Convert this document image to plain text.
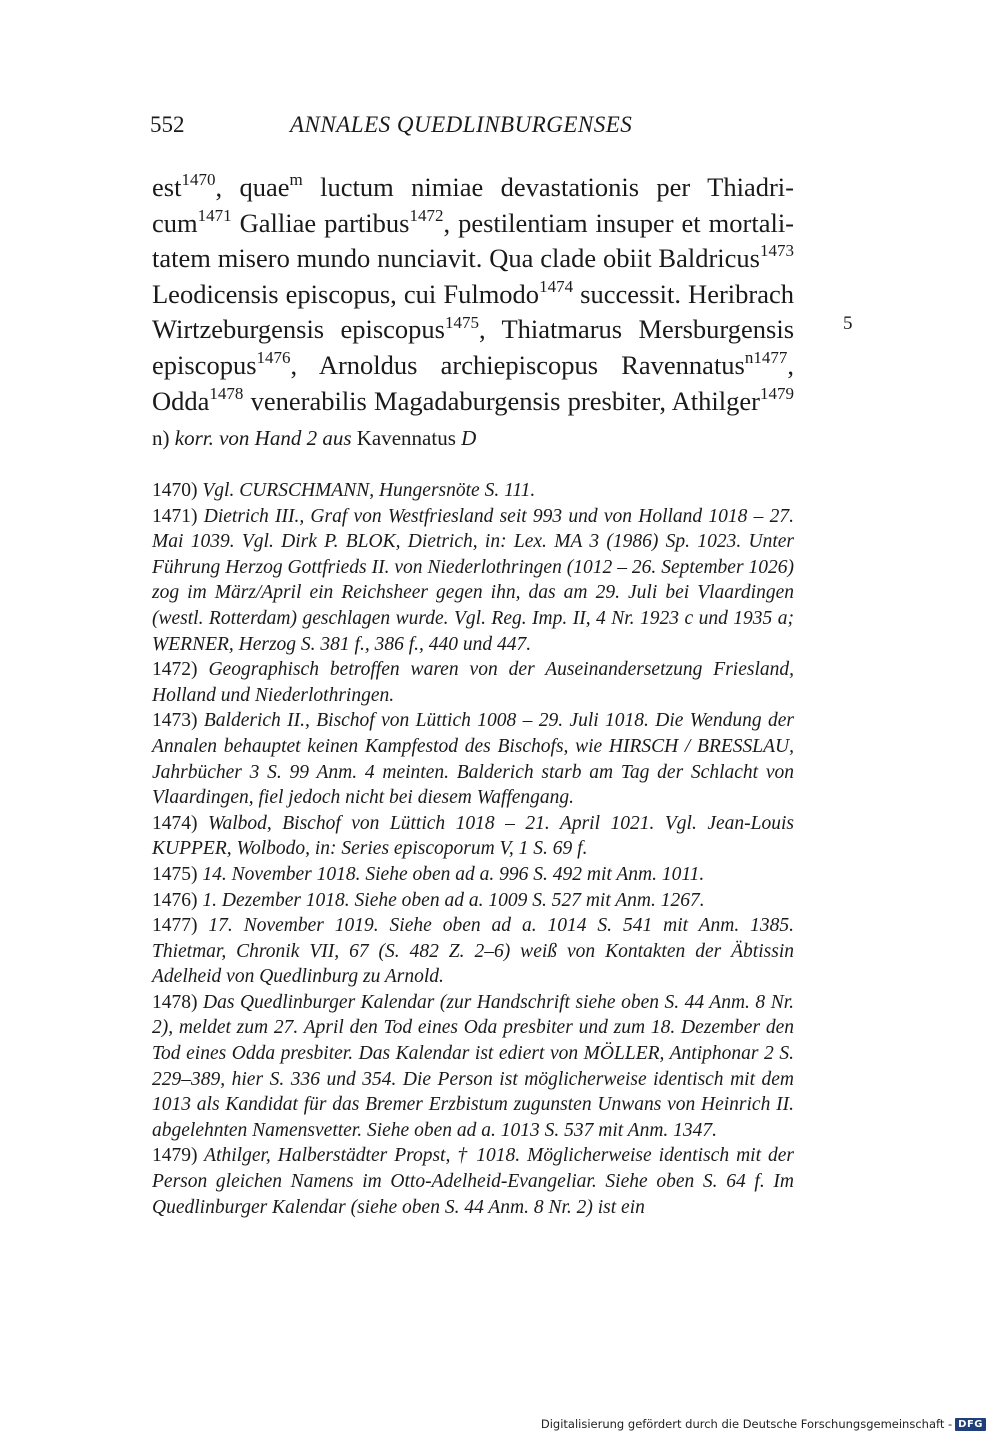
552	ANNALES QUEDLINBURGENSES
est$^{1470}$, quae$^m$ luctum nimiae devastationis per Thiadri-
cum$^{1471}$ Galliae partibus$^{1472}$, pestilentiam insuper et mortali-
tatem misero mundo nunciavit. Qua clade obiit Baldricus$^{1473}$
Leodicensis episcopus, cui Fulmodo$^{1474}$ successit. Heribrach
Wirtzeburgensis episcopus$^{1475}$, Thiatmarus Mersburgensis
episcopus$^{1476}$, Arnoldus archiepiscopus Ravennatus$^{n1477}$,
Odda$^{1478}$ venerabilis Magadaburgensis presbiter, Athilger$^{1479}$
5
n) korr. von Hand 2 aus Kavennatus D

1470) Vgl. CURSCHMANN, Hungersnöte S. 111.

1471) Dietrich III., Graf von Westfriesland seit 993 und von Holland 1018 – 27. Mai 1039. Vgl. Dirk P. BLOK, Dietrich, in: Lex. MA 3 (1986) Sp. 1023. Unter Führung Herzog Gottfrieds II. von Niederlothringen (1012 – 26. September 1026) zog im März/April ein Reichsheer gegen ihn, das am 29. Juli bei Vlaardingen (westl. Rotterdam) geschlagen wurde. Vgl. Reg. Imp. II, 4 Nr. 1923 c und 1935 a; WERNER, Herzog S. 381 f., 386 f., 440 und 447.

1472) Geographisch betroffen waren von der Auseinandersetzung Friesland, Holland und Niederlothringen.

1473) Balderich II., Bischof von Lüttich 1008 – 29. Juli 1018. Die Wendung der Annalen behauptet keinen Kampfestod des Bischofs, wie HIRSCH / BRESSLAU, Jahrbücher 3 S. 99 Anm. 4 meinten. Balderich starb am Tag der Schlacht von Vlaardingen, fiel jedoch nicht bei diesem Waffengang.

1474) Walbod, Bischof von Lüttich 1018 – 21. April 1021. Vgl. Jean-Louis KUPPER, Wolbodo, in: Series episcoporum V, 1 S. 69 f.

1475) 14. November 1018. Siehe oben ad a. 996 S. 492 mit Anm. 1011.

1476) 1. Dezember 1018. Siehe oben ad a. 1009 S. 527 mit Anm. 1267.

1477) 17. November 1019. Siehe oben ad a. 1014 S. 541 mit Anm. 1385. Thietmar, Chronik VII, 67 (S. 482 Z. 2–6) weiß von Kontakten der Äbtissin Adelheid von Quedlinburg zu Arnold.

1478) Das Quedlinburger Kalendar (zur Handschrift siehe oben S. 44 Anm. 8 Nr. 2), meldet zum 27. April den Tod eines Oda presbiter und zum 18. Dezember den Tod eines Odda presbiter. Das Kalendar ist ediert von MÖLLER, Antiphonar 2 S. 229–389, hier S. 336 und 354. Die Person ist möglicherweise identisch mit dem 1013 als Kandidat für das Bremer Erzbistum zugunsten Unwans von Heinrich II. abgelehnten Namensvetter. Siehe oben ad a. 1013 S. 537 mit Anm. 1347.

1479) Athilger, Halberstädter Propst, † 1018. Möglicherweise identisch mit der Person gleichen Namens im Otto-Adelheid-Evangeliar. Siehe oben S. 64 f. Im Quedlinburger Kalendar (siehe oben S. 44 Anm. 8 Nr. 2) ist ein

Digitalisierung gefördert durch die Deutsche Forschungsgemeinschaft - DFG
